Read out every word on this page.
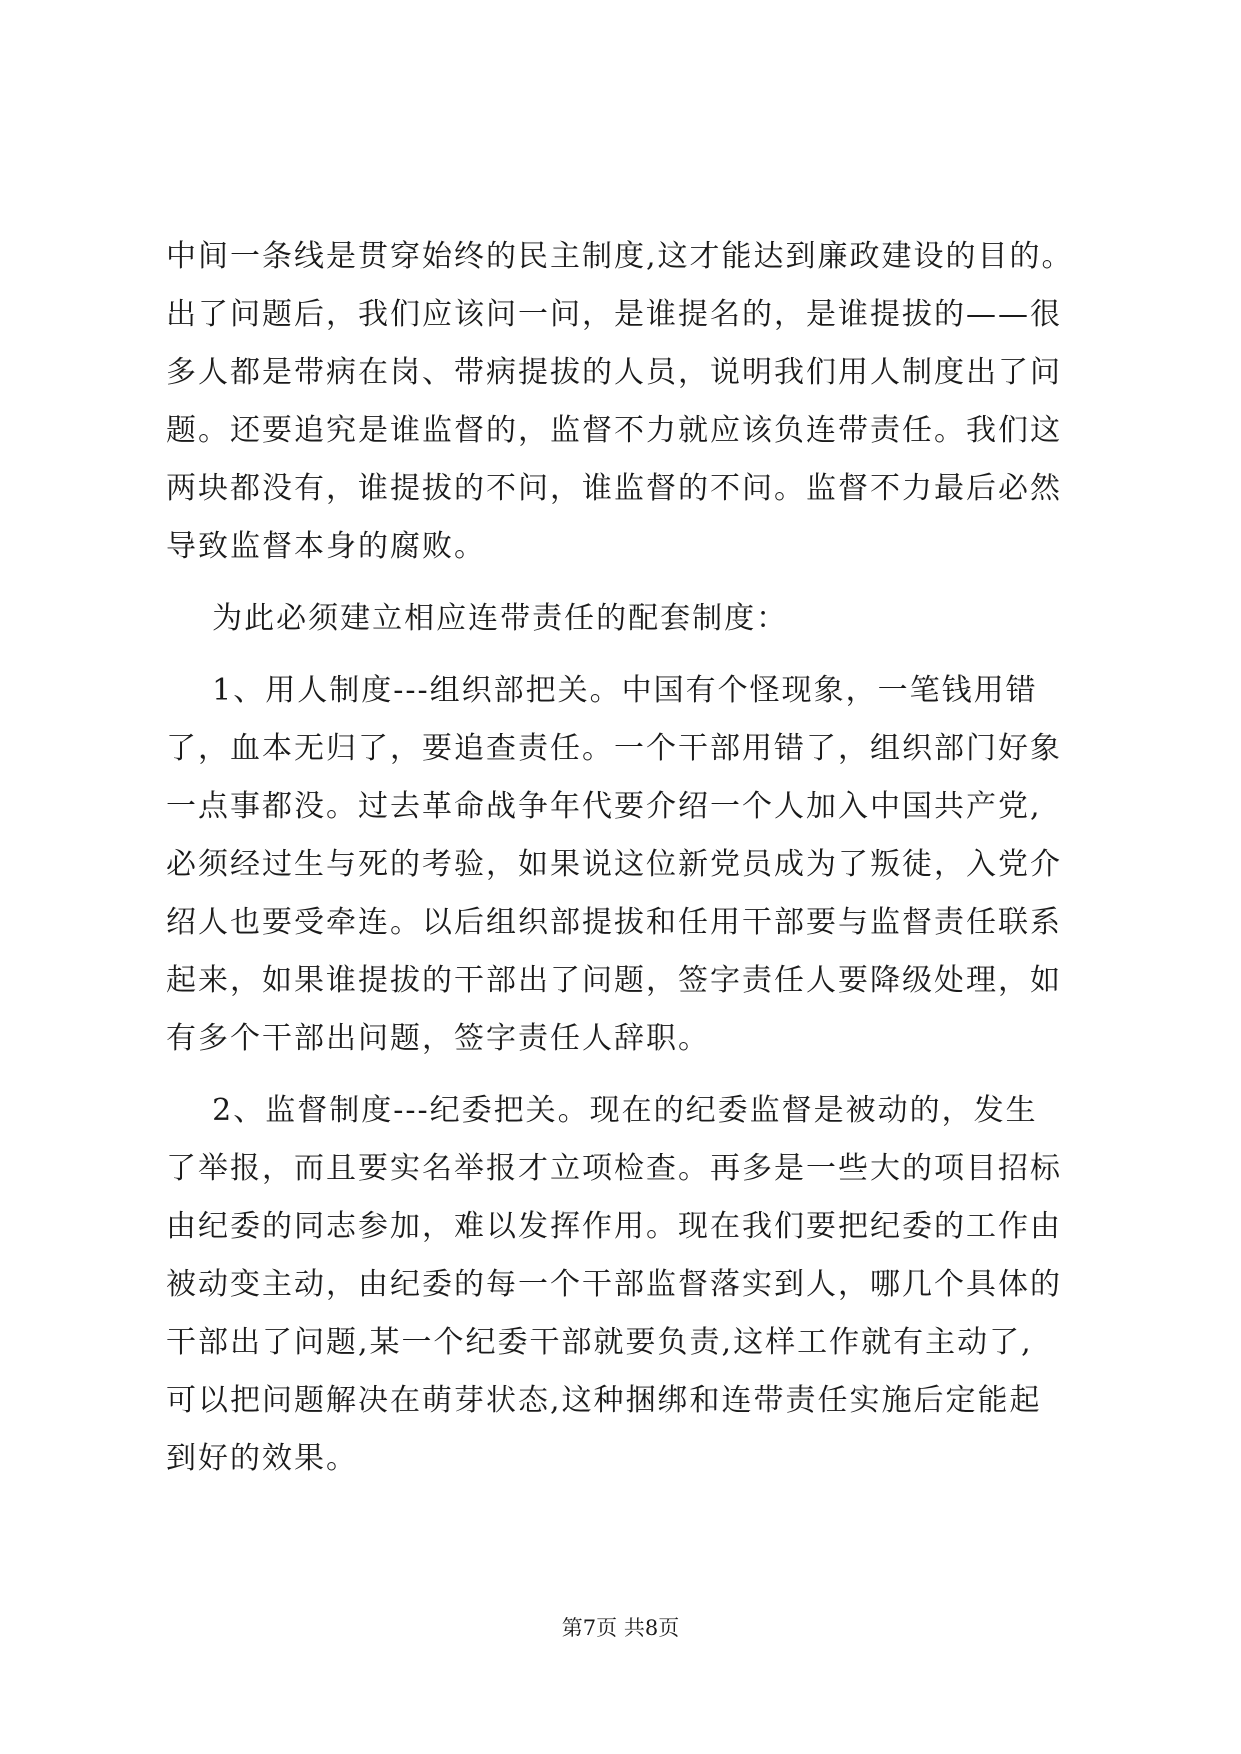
中间一条线是贯穿始终的民主制度,这才能达到廉政建设的目的。
出了问题后，我们应该问一问，是谁提名的，是谁提拔的——很
多人都是带病在岗、带病提拔的人员，说明我们用人制度出了问
题。还要追究是谁监督的，监督不力就应该负连带责任。我们这
两块都没有，谁提拔的不问，谁监督的不问。监督不力最后必然
导致监督本身的腐败。
为此必须建立相应连带责任的配套制度：
1、用人制度---组织部把关。中国有个怪现象，一笔钱用错
了，血本无归了，要追查责任。一个干部用错了，组织部门好象
一点事都没。过去革命战争年代要介绍一个人加入中国共产党,
必须经过生与死的考验，如果说这位新党员成为了叛徒，入党介
绍人也要受牵连。以后组织部提拔和任用干部要与监督责任联系
起来，如果谁提拔的干部出了问题，签字责任人要降级处理，如
有多个干部出问题，签字责任人辞职。
2、监督制度---纪委把关。现在的纪委监督是被动的，发生
了举报，而且要实名举报才立项检查。再多是一些大的项目招标
由纪委的同志参加，难以发挥作用。现在我们要把纪委的工作由
被动变主动，由纪委的每一个干部监督落实到人，哪几个具体的
干部出了问题,某一个纪委干部就要负责,这样工作就有主动了,
可以把问题解决在萌芽状态,这种捆绑和连带责任实施后定能起
到好的效果。
第7页 共8页
